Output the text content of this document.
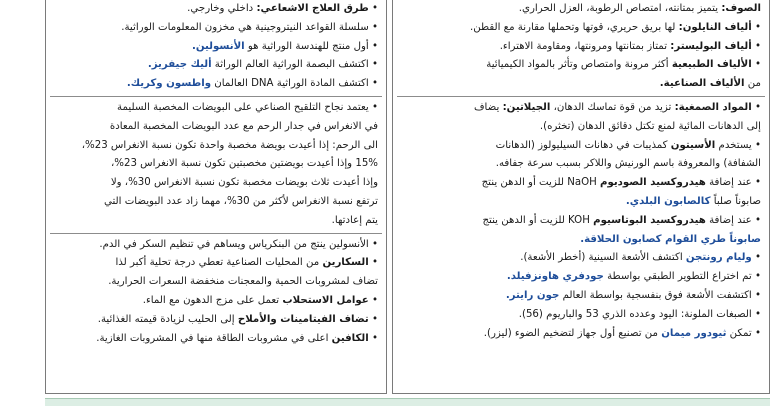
الصوف: يتميز بمتانته، امتصاص الرطوبة، العزل الحراري.
• ألياف النايلون: لها بريق حريري، قوتها وتحملها مقارنة مع القطن.
• ألياف البوليستر: تمتاز بمتانتها ومرونتها، ومقاومة الاهتراء.
• الألياف الطبيعية أكثر مرونة وامتصاص وتأثر بالمواد الكيميائية
من الألياف الصناعية.
• المواد الصمغية: تزيد من قوة تماسك الدهان، الجيلاتين: يضاف
إلى الدهانات المائية لمنع تكتل دقائق الدهان (تخثره).
• يستخدم الأسيتون كمذيبات في دهانات السيليولوز (الدهانات
الشفافة) والمعروفة باسم الورنيش واللاكر بسبب سرعة جفافه.
• عند إضافة هيدروكسيد الصوديوم NaOH للزيت أو الدهن ينتج
صابوناً صلباً كالصابون البلدي.
• عند إضافة هيدروكسيد البوتاسيوم KOH للزيت أو الدهن ينتج
صابوناً طري القوام كصابون الحلاقة.
• وليام رونتجن اكتشف الأشعة السينية (أخطر الأشعة).
• تم اختراع التطوير الطبقي بواسطة جودفري هاونزفيلد.
• اكتشفت الأشعة فوق بنفسجية بواسطة العالم جون رايتر.
• الصبغات الملونة: اليود وعدده الذري 53 والباريوم (56).
• تمكن ثيودور ميمان من تصنيع أول جهاز لتضخيم الضوء (ليزر).
• طرق العلاج الاشعاعي: داخلي وخارجي.
• سلسلة القواعد النيتروجينية هي مخزون المعلومات الوراثية.
• أول منتج للهندسة الوراثية هو الأنسولين.
• اكتشف البصمة الوراثية العالم الوراثة أليك جيفريز.
• اكتشف المادة الوراثية DNA العالمان واطسون وكريك.
• يعتمد نجاح التلقيح الصناعي على البويضات المخصبة السليمة
في الانغراس في جدار الرحم مع عدد البويضات المخصبة المعادة
الى الرحم: إذا أعيدت بويضة مخصبة واحدة تكون نسبة الانغراس 23%،
15% وإذا أعيدت بويضتين مخصبتين تكون نسبة الانغراس 23%،
وإذا أعيدت ثلاث بويضات مخصبة تكون نسبة الانغراس 30%، ولا
ترتفع نسبة الانغراس لأكثر من 30%، مهما زاد عدد البويضات التي
يتم إعادتها.
• الأنسولين ينتج من البنكرياس ويساهم في تنظيم السكر في الدم.
• السكارين من المحليات الصناعية تعطي درجة تحلية أكبر لذا
تضاف لمشروبات الحمية والمعجنات منخفضة السعرات الحرارية.
• عوامل الاستحلاب تعمل على مزج الدهون مع الماء.
• تضاف الفيتامينات والأملاح إلى الحليب لزيادة قيمته الغذائية.
• الكافين اعلى في مشروبات الطاقة منها في المشروبات الغازية.
